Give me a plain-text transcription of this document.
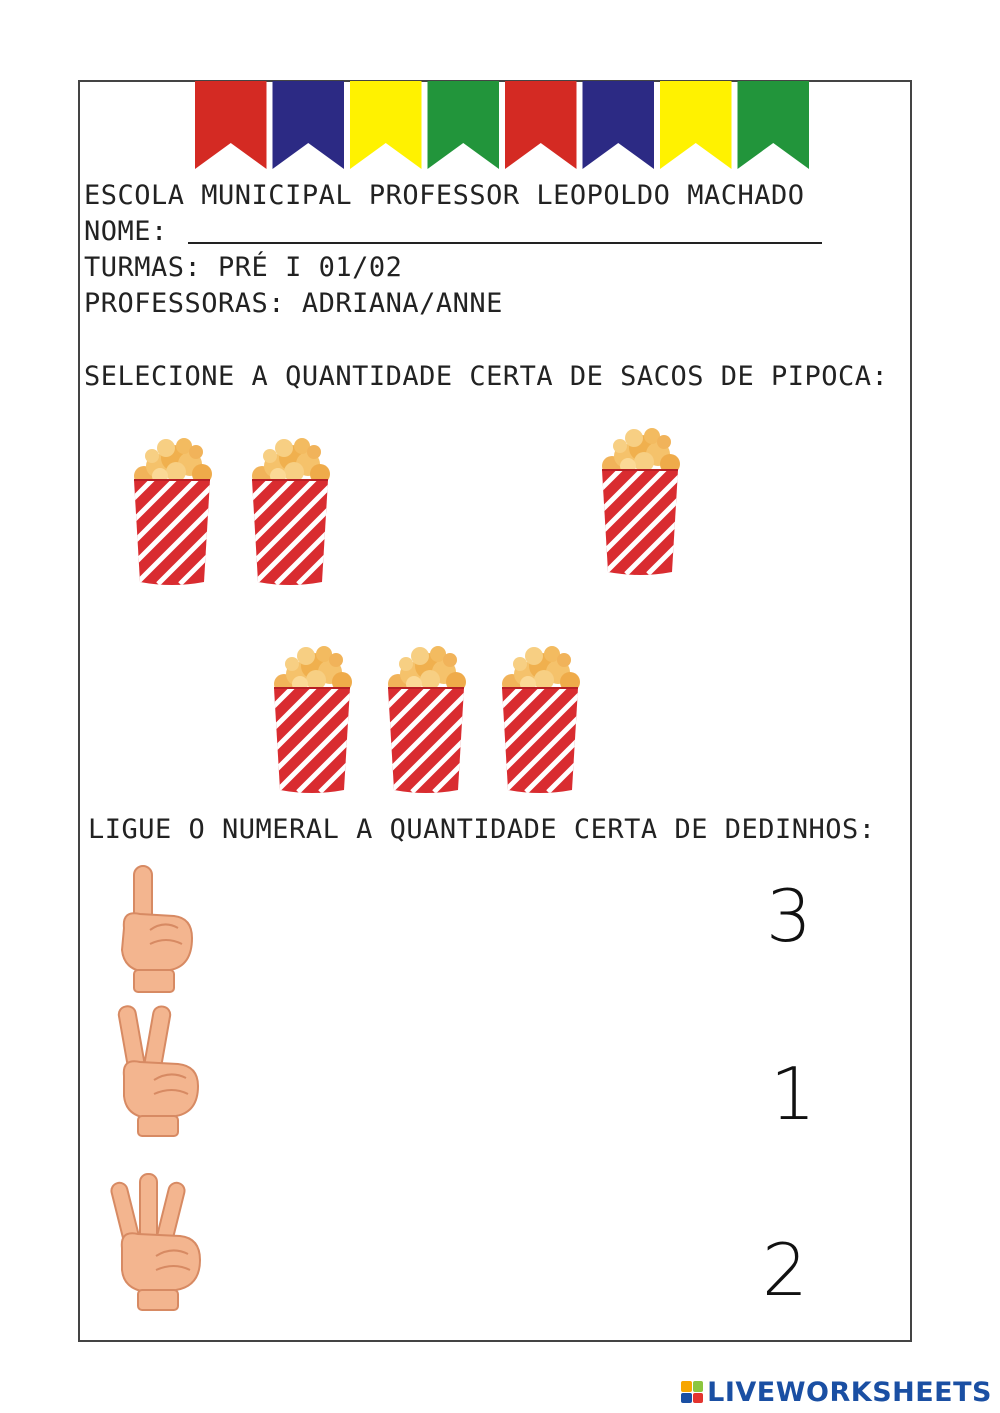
ESCOLA MUNICIPAL PROFESSOR LEOPOLDO MACHADO
NOME:
TURMAS: PRÉ I 01/02
PROFESSORAS: ADRIANA/ANNE
SELECIONE A QUANTIDADE CERTA DE SACOS DE PIPOCA:
LIGUE O NUMERAL A QUANTIDADE CERTA DE DEDINHOS:
3
1
2
LIVEWORKSHEETS
